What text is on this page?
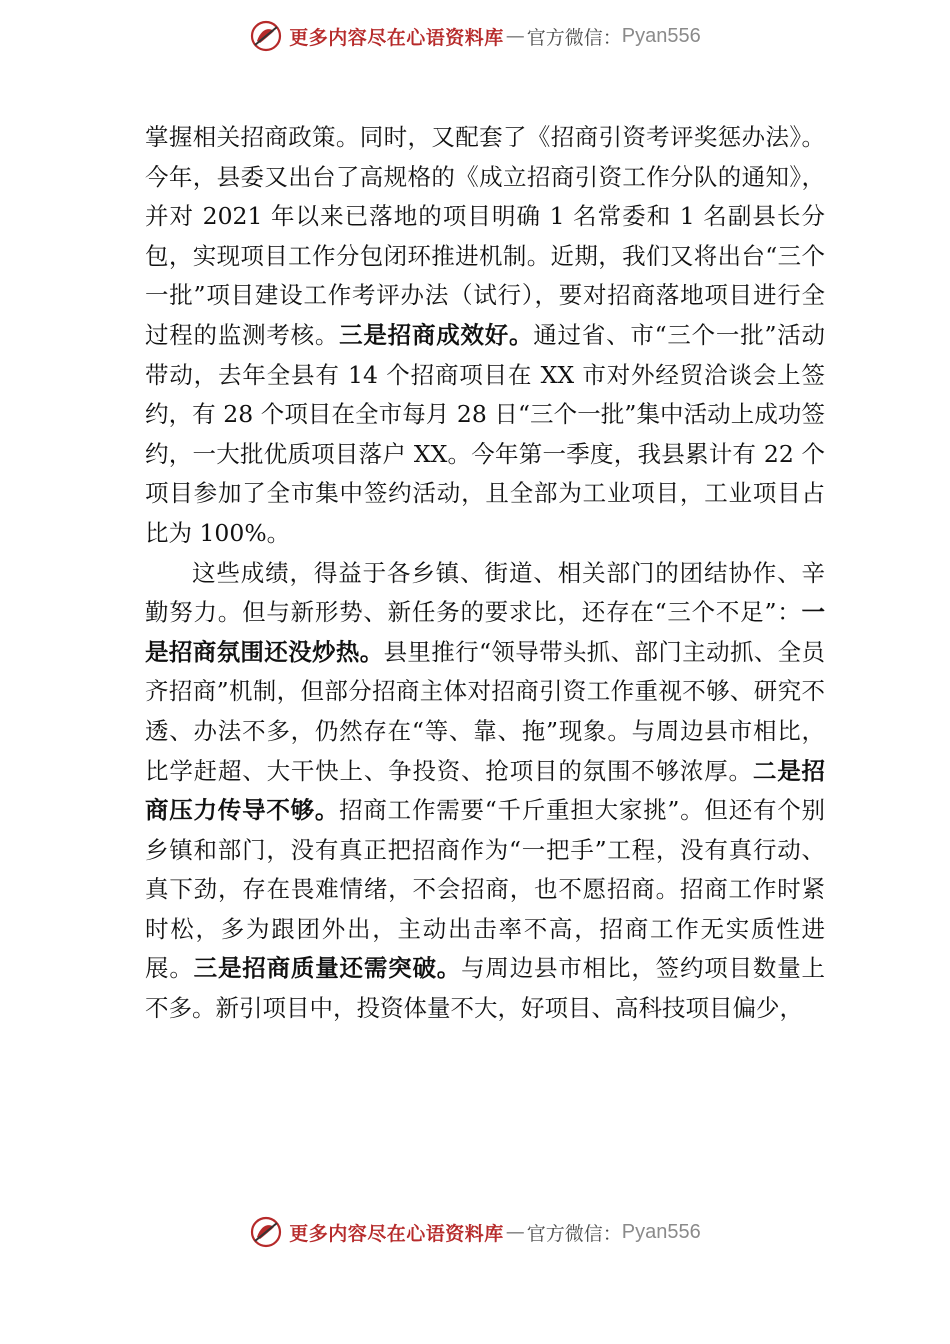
更多内容尽在心语资料库 — 官方微信： Pyan556

掌握相关招商政策。同时，又配套了《招商引资考评奖惩办法》。今年，县委又出台了高规格的《成立招商引资工作分队的通知》，并对 2021 年以来已落地的项目明确 1 名常委和 1 名副县长分包，实现项目工作分包闭环推进机制。近期，我们又将出台“三个一批”项目建设工作考评办法（试行），要对招商落地项目进行全过程的监测考核。三是招商成效好。通过省、市“三个一批”活动带动，去年全县有 14 个招商项目在 XX 市对外经贸洽谈会上签约，有 28 个项目在全市每月 28 日“三个一批”集中活动上成功签约，一大批优质项目落户 XX。今年第一季度，我县累计有 22 个项目参加了全市集中签约活动，且全部为工业项目，工业项目占比为 100%。

这些成绩，得益于各乡镇、街道、相关部门的团结协作、辛勤努力。但与新形势、新任务的要求比，还存在“三个不足”：一是招商氛围还没炒热。县里推行“领导带头抓、部门主动抓、全员齐招商”机制，但部分招商主体对招商引资工作重视不够、研究不透、办法不多，仍然存在“等、靠、拖”现象。与周边县市相比，比学赶超、大干快上、争投资、抢项目的氛围不够浓厚。二是招商压力传导不够。招商工作需要“千斤重担大家挑”。但还有个别乡镇和部门，没有真正把招商作为“一把手”工程，没有真行动、真下劲，存在畏难情绪，不会招商，也不愿招商。招商工作时紧时松，多为跟团外出，主动出击率不高，招商工作无实质性进展。三是招商质量还需突破。与周边县市相比，签约项目数量上不多。新引项目中，投资体量不大，好项目、高科技项目偏少，

更多内容尽在心语资料库 — 官方微信： Pyan556
